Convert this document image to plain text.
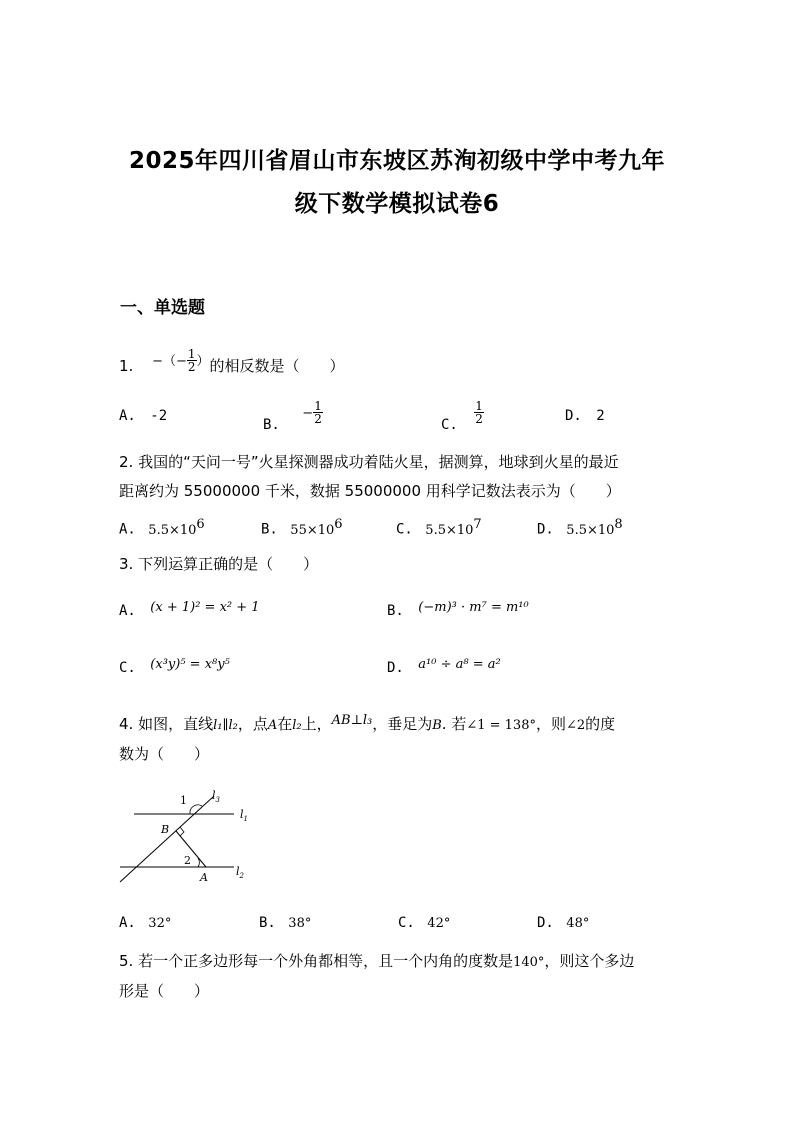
2025年四川省眉山市东坡区苏洵初级中学中考九年
级下数学模拟试卷6
一、单选题
1. −（− $\frac{1}{2}$ ）的相反数是（　　）
A. -2
B. − $\frac{1}{2}$	C. $\frac{1}{2}$	D. 2
2. 我国的“天问一号”火星探测器成功着陆火星，据测算，地球到火星的最近
距离约为 55000000 千米，数据 55000000 用科学记数法表示为（　　）
A. $5.5\times 10^6$	B. $55\times 10^6$	C. $5.5\times 10^7$	D. $5.5\times 10^8$
3. 下列运算正确的是（　　）
A. (x + 1)² = x² + 1	B. (−m)³ · m⁷ = m¹⁰
C. (x³y)⁵ = x⁸y⁵	D. a¹⁰ ÷ a⁸ = a²
4. 如图，直线l₁∥l₂，点A在l₂上，AB⊥l₃，垂足为B. 若∠1 = 138°，则∠2的度
数为（　　）
1 $l_3$
$l_1$
B
2
A	$l_2$
A. 32°	B. 38°	C. 42°	D. 48°
5. 若一个正多边形每一个外角都相等，且一个内角的度数是140°，则这个多边
形是（　　）
